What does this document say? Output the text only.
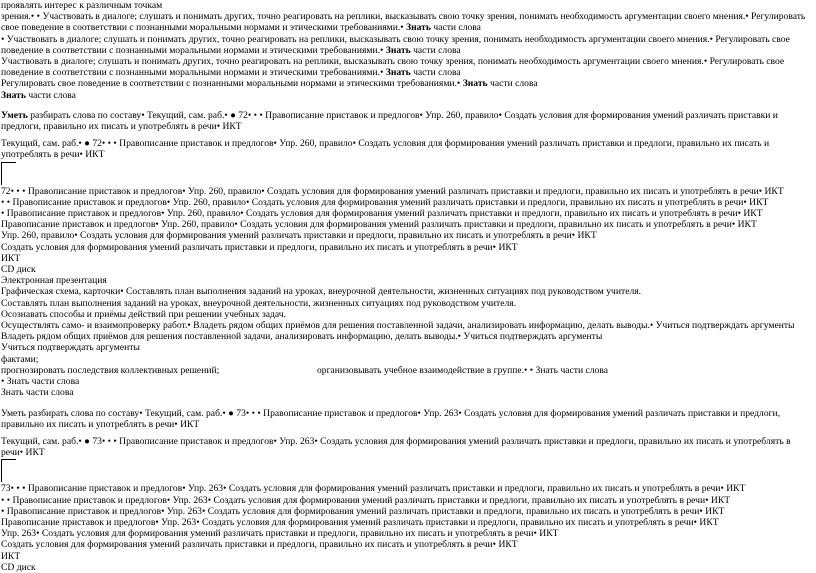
проявлять интерес к различным точкам
зрения.• • Участвовать в диалоге; слушать и понимать других, точно реагировать на реплики, высказывать свою точку зрения, понимать необходимость аргументации своего мнения.• Регулировать свое поведение в соответствии с познанными моральными нормами и этическими требованиями.• Знать части слова
• Участвовать в диалоге; слушать и понимать других, точно реагировать на реплики, высказывать свою точку зрения, понимать необходимость аргументации своего мнения.• Регулировать свое поведение в соответствии с познанными моральными нормами и этическими требованиями.• Знать части слова
Участвовать в диалоге; слушать и понимать других, точно реагировать на реплики, высказывать свою точку зрения, понимать необходимость аргументации своего мнения.• Регулировать свое поведение в соответствии с познанными моральными нормами и этическими требованиями.• Знать части слова
Регулировать свое поведение в соответствии с познанными моральными нормами и этическими требованиями.• Знать части слова
Знать части слова
Уметь разбирать слова по составу• Текущий, сам. раб.• ● 72• • • Правописание приставок и предлогов• Упр. 260, правило• Создать условия для формирования умений различать приставки и предлоги, правильно их писать и употреблять в речи• ИКТ
Текущий, сам. раб.• ● 72• • • Правописание приставок и предлогов• Упр. 260, правило• Создать условия для формирования умений различать приставки и предлоги, правильно их писать и употреблять в речи• ИКТ
72• • • Правописание приставок и предлогов• Упр. 260, правило• Создать условия для формирования умений различать приставки и предлоги, правильно их писать и употреблять в речи• ИКТ
• • Правописание приставок и предлогов• Упр. 260, правило• Создать условия для формирования умений различать приставки и предлоги, правильно их писать и употреблять в речи• ИКТ
• Правописание приставок и предлогов• Упр. 260, правило• Создать условия для формирования умений различать приставки и предлоги, правильно их писать и употреблять в речи• ИКТ
Правописание приставок и предлогов• Упр. 260, правило• Создать условия для формирования умений различать приставки и предлоги, правильно их писать и употреблять в речи• ИКТ
Упр. 260, правило• Создать условия для формирования умений различать приставки и предлоги, правильно их писать и употреблять в речи• ИКТ
Создать условия для формирования умений различать приставки и предлоги, правильно их писать и употреблять в речи• ИКТ
ИКТ
CD диск
Электронная презентация
Графическая схема, карточки• Составлять план выполнения заданий на уроках, внеурочной деятельности, жизненных ситуациях под руководством учителя.
Составлять план выполнения заданий на уроках, внеурочной деятельности, жизненных ситуациях под руководством учителя.
Осознавать способы и приёмы действий при решении учебных задач.
Осуществлять само- и взаимопроверку работ.• Владеть рядом общих приёмов для решения поставленной задачи, анализировать информацию, делать выводы.• Учиться подтверждать аргументы
Владеть рядом общих приёмов для решения поставленной задачи, анализировать информацию, делать выводы.• Учиться подтверждать аргументы
Учиться подтверждать аргументы
фактами;
прогнозировать последствия коллективных решений;	организовывать учебное взаимодействие в группе.• • Знать части слова
• Знать части слова
Знать части слова
Уметь разбирать слова по составу• Текущий, сам. раб.• ● 73• • • Правописание приставок и предлогов• Упр. 263• Создать условия для формирования умений различать приставки и предлоги, правильно их писать и употреблять в речи• ИКТ
Текущий, сам. раб.• ● 73• • • Правописание приставок и предлогов• Упр. 263• Создать условия для формирования умений различать приставки и предлоги, правильно их писать и употреблять в речи• ИКТ
73• • • Правописание приставок и предлогов• Упр. 263• Создать условия для формирования умений различать приставки и предлоги, правильно их писать и употреблять в речи• ИКТ
• • Правописание приставок и предлогов• Упр. 263• Создать условия для формирования умений различать приставки и предлоги, правильно их писать и употреблять в речи• ИКТ
• Правописание приставок и предлогов• Упр. 263• Создать условия для формирования умений различать приставки и предлоги, правильно их писать и употреблять в речи• ИКТ
Правописание приставок и предлогов• Упр. 263• Создать условия для формирования умений различать приставки и предлоги, правильно их писать и употреблять в речи• ИКТ
Упр. 263• Создать условия для формирования умений различать приставки и предлоги, правильно их писать и употреблять в речи• ИКТ
Создать условия для формирования умений различать приставки и предлоги, правильно их писать и употреблять в речи• ИКТ
ИКТ
CD диск
